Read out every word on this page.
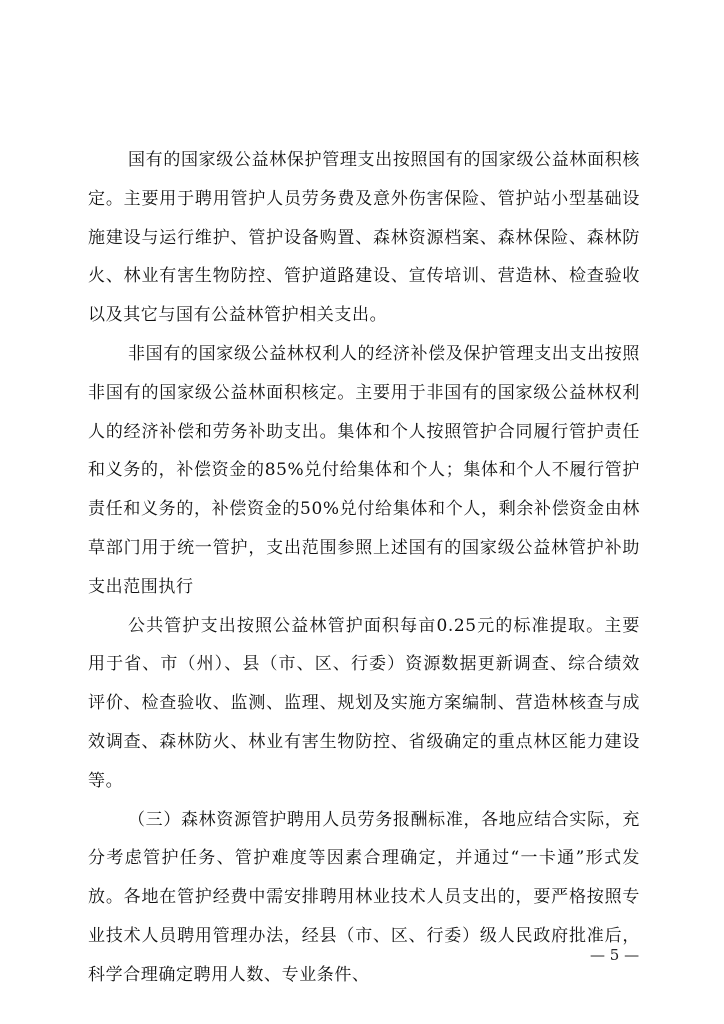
国有的国家级公益林保护管理支出按照国有的国家级公益林面积核定。主要用于聘用管护人员劳务费及意外伤害保险、管护站小型基础设施建设与运行维护、管护设备购置、森林资源档案、森林保险、森林防火、林业有害生物防控、管护道路建设、宣传培训、营造林、检查验收以及其它与国有公益林管护相关支出。

非国有的国家级公益林权利人的经济补偿及保护管理支出支出按照非国有的国家级公益林面积核定。主要用于非国有的国家级公益林权利人的经济补偿和劳务补助支出。集体和个人按照管护合同履行管护责任和义务的，补偿资金的85%兑付给集体和个人；集体和个人不履行管护责任和义务的，补偿资金的50%兑付给集体和个人，剩余补偿资金由林草部门用于统一管护，支出范围参照上述国有的国家级公益林管护补助支出范围执行

公共管护支出按照公益林管护面积每亩0.25元的标准提取。主要用于省、市（州）、县（市、区、行委）资源数据更新调查、综合绩效评价、检查验收、监测、监理、规划及实施方案编制、营造林核查与成效调查、森林防火、林业有害生物防控、省级确定的重点林区能力建设等。

（三）森林资源管护聘用人员劳务报酬标准，各地应结合实际，充分考虑管护任务、管护难度等因素合理确定，并通过“一卡通”形式发放。各地在管护经费中需安排聘用林业技术人员支出的，要严格按照专业技术人员聘用管理办法，经县（市、区、行委）级人民政府批准后，科学合理确定聘用人数、专业条件、

— 5 —
